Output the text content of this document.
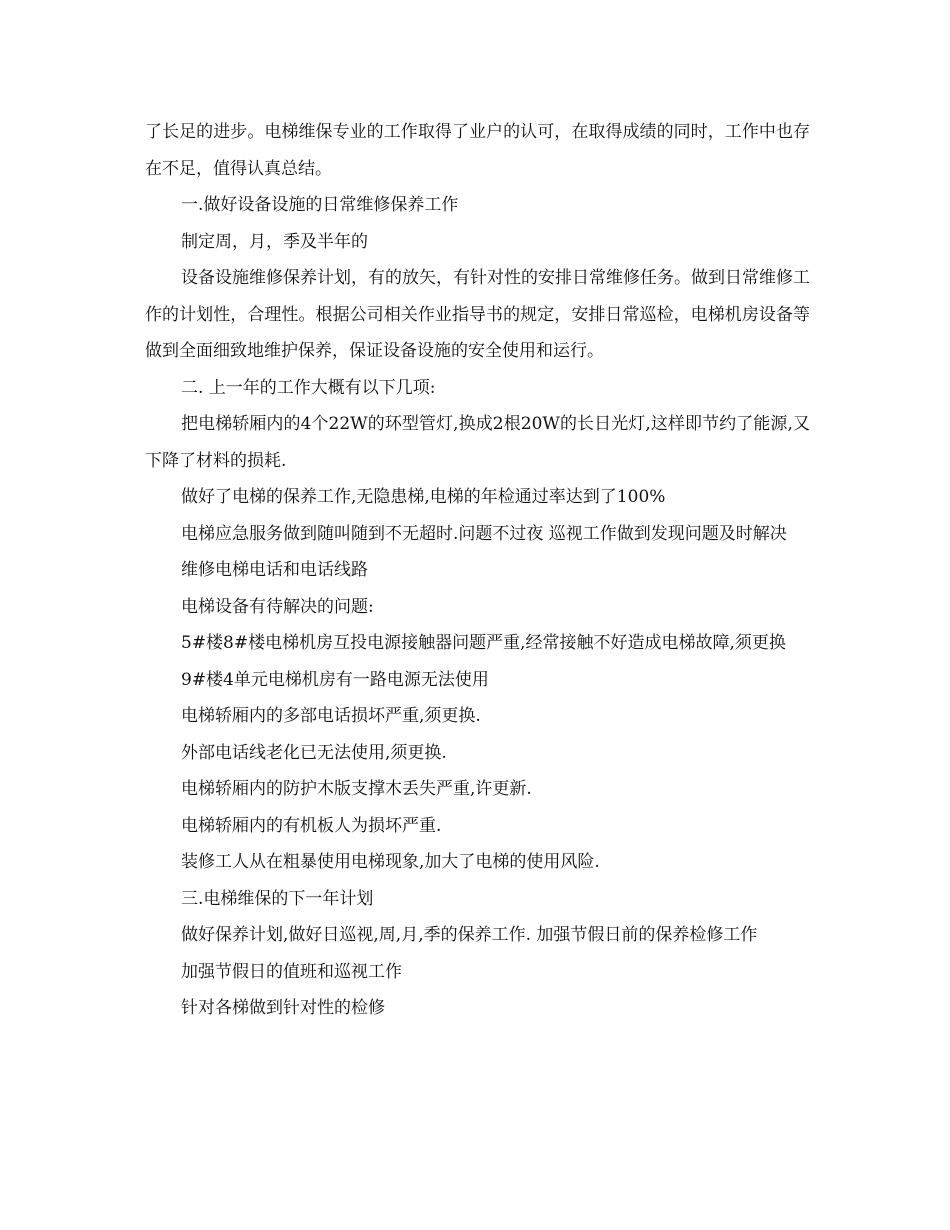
了长足的进步。电梯维保专业的工作取得了业户的认可，在取得成绩的同时，工作中也存在不足，值得认真总结。

一.做好设备设施的日常维修保养工作

制定周，月，季及半年的

设备设施维修保养计划，有的放矢，有针对性的安排日常维修任务。做到日常维修工作的计划性，合理性。根据公司相关作业指导书的规定，安排日常巡检，电梯机房设备等做到全面细致地维护保养，保证设备设施的安全使用和运行。

二. 上一年的工作大概有以下几项:

把电梯轿厢内的4个22W的环型管灯,换成2根20W的长日光灯,这样即节约了能源,又下降了材料的损耗.

做好了电梯的保养工作,无隐患梯,电梯的年检通过率达到了100%

电梯应急服务做到随叫随到不无超时.问题不过夜 巡视工作做到发现问题及时解决

维修电梯电话和电话线路

电梯设备有待解决的问题:

5#楼8#楼电梯机房互投电源接触器问题严重,经常接触不好造成电梯故障,须更换

9#楼4单元电梯机房有一路电源无法使用

电梯轿厢内的多部电话损坏严重,须更换.

外部电话线老化已无法使用,须更换.

电梯轿厢内的防护木版支撑木丢失严重,许更新.

电梯轿厢内的有机板人为损坏严重.

装修工人从在粗暴使用电梯现象,加大了电梯的使用风险.

三.电梯维保的下一年计划

做好保养计划,做好日巡视,周,月,季的保养工作. 加强节假日前的保养检修工作

加强节假日的值班和巡视工作

针对各梯做到针对性的检修
